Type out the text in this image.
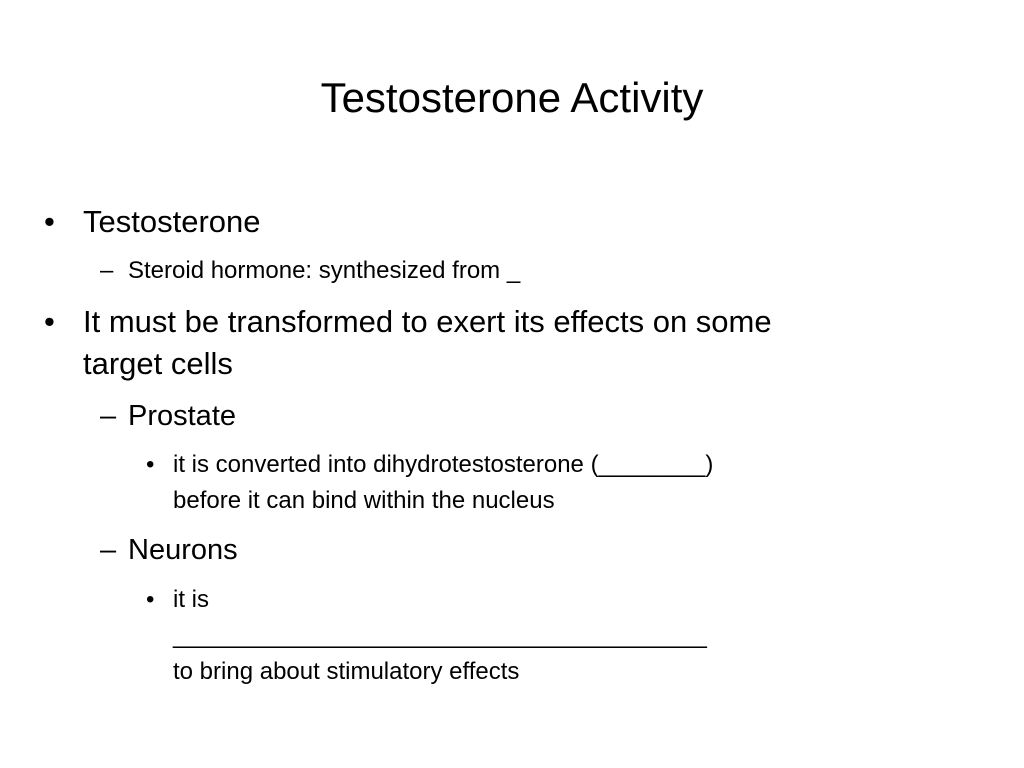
Testosterone Activity
• Testosterone
– Steroid hormone: synthesized from _
• It must be transformed to exert its effects on some
target cells
– Prostate
• it is converted into dihydrotestosterone (________)
before it can bind within the nucleus
– Neurons
• it is
________________________________________
to bring about stimulatory effects
